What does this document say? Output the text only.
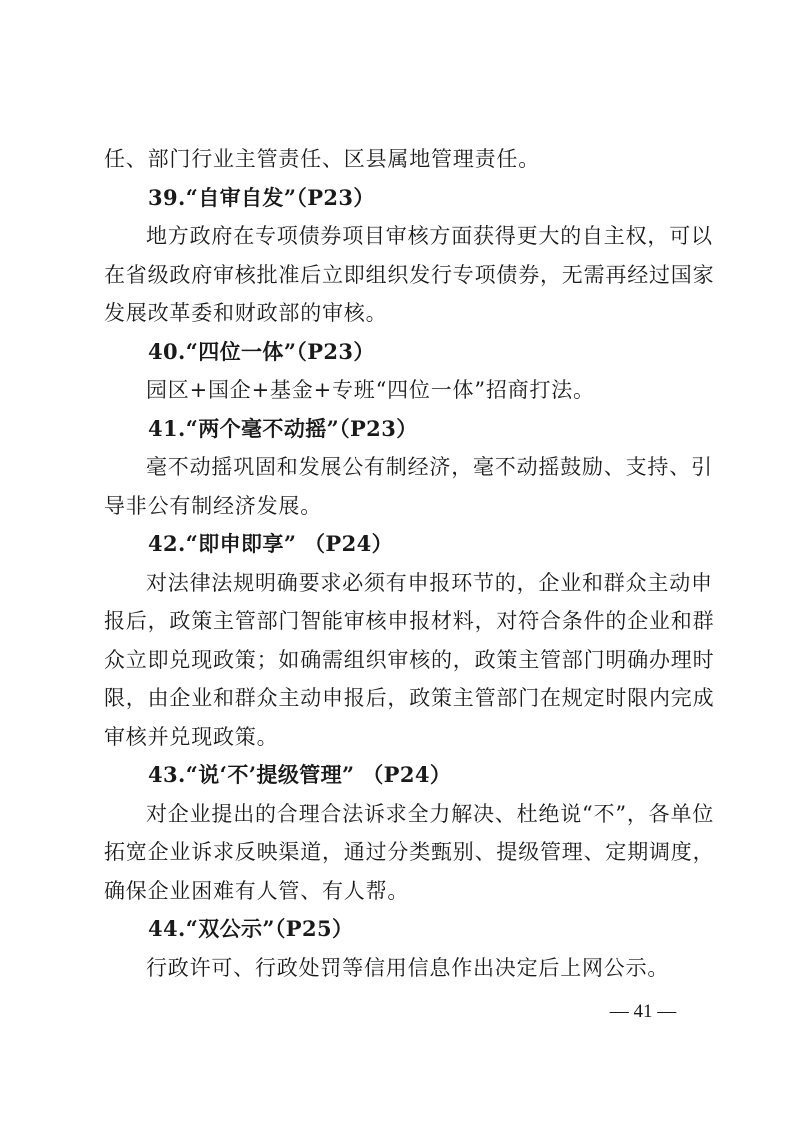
任、部门行业主管责任、区县属地管理责任。
39.“自审自发”（P23）
地方政府在专项债券项目审核方面获得更大的自主权，可以
在省级政府审核批准后立即组织发行专项债券，无需再经过国家
发展改革委和财政部的审核。
40.“四位一体”（P23）
园区+国企+基金+专班“四位一体”招商打法。
41.“两个毫不动摇”（P23）
毫不动摇巩固和发展公有制经济，毫不动摇鼓励、支持、引
导非公有制经济发展。
42.“即申即享” （P24）
对法律法规明确要求必须有申报环节的，企业和群众主动申
报后，政策主管部门智能审核申报材料，对符合条件的企业和群
众立即兑现政策；如确需组织审核的，政策主管部门明确办理时
限，由企业和群众主动申报后，政策主管部门在规定时限内完成
审核并兑现政策。
43.“说‘不’提级管理” （P24）
对企业提出的合理合法诉求全力解决、杜绝说“不”，各单位
拓宽企业诉求反映渠道，通过分类甄别、提级管理、定期调度，
确保企业困难有人管、有人帮。
44.“双公示”（P25）
行政许可、行政处罚等信用信息作出决定后上网公示。
— 41 —
